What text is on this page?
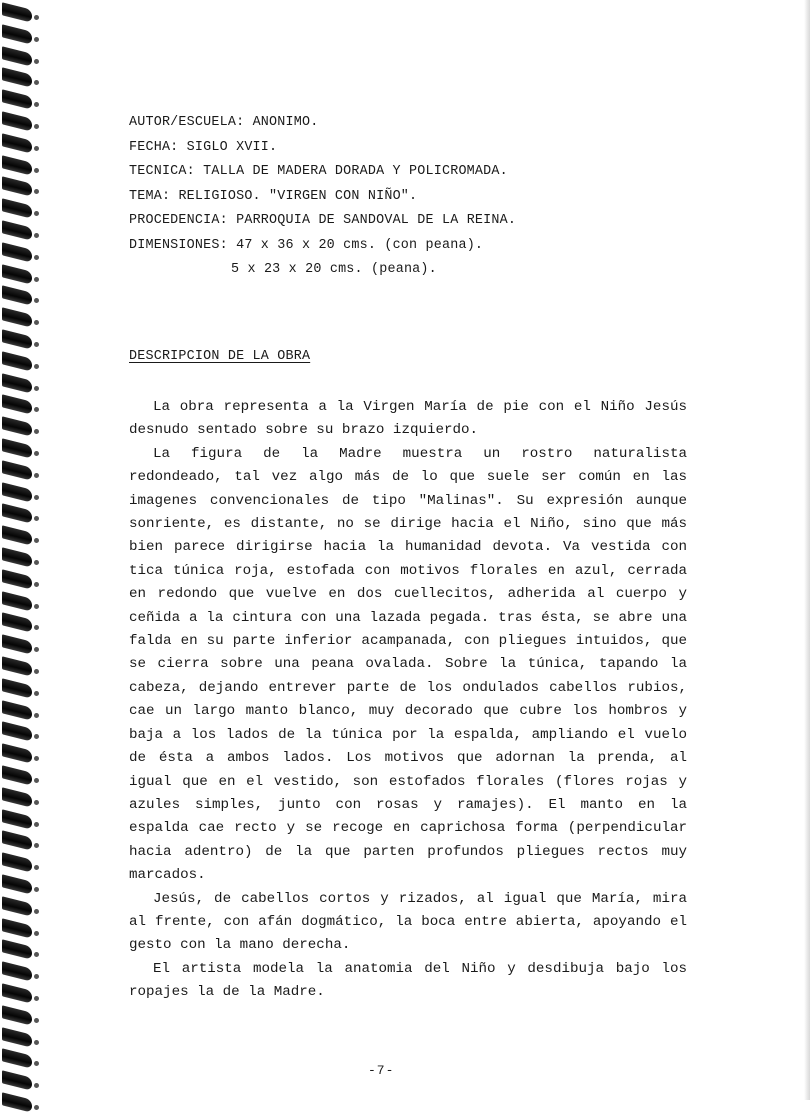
AUTOR/ESCUELA: ANONIMO.
FECHA: SIGLO XVII.
TECNICA: TALLA DE MADERA DORADA Y POLICROMADA.
TEMA: RELIGIOSO. "VIRGEN CON NIÑO".
PROCEDENCIA: PARROQUIA DE SANDOVAL DE LA REINA.
DIMENSIONES: 47 x 36 x 20 cms. (con peana).
5 x 23 x 20 cms. (peana).
DESCRIPCION DE LA OBRA

La obra representa a la Virgen María de pie con el Niño Jesús desnudo sentado sobre su brazo izquierdo.

La figura de la Madre muestra un rostro naturalista redondeado, tal vez algo más de lo que suele ser común en las imagenes convencionales de tipo "Malinas". Su expresión aunque sonriente, es distante, no se dirige hacia el Niño, sino que más bien parece dirigirse hacia la humanidad devota. Va vestida con tica túnica roja, estofada con motivos florales en azul, cerrada en redondo que vuelve en dos cuellecitos, adherida al cuerpo y ceñida a la cintura con una lazada pegada. tras ésta, se abre una falda en su parte inferior acampanada, con pliegues intuidos, que se cierra sobre una peana ovalada. Sobre la túnica, tapando la cabeza, dejando entrever parte de los ondulados cabellos rubios, cae un largo manto blanco, muy decorado que cubre los hombros y baja a los lados de la túnica por la espalda, ampliando el vuelo de ésta a ambos lados. Los motivos que adornan la prenda, al igual que en el vestido, son estofados florales (flores rojas y azules simples, junto con rosas y ramajes). El manto en la espalda cae recto y se recoge en caprichosa forma (perpendicular hacia adentro) de la que parten profundos pliegues rectos muy marcados.

Jesús, de cabellos cortos y rizados, al igual que María, mira al frente, con afán dogmático, la boca entre abierta, apoyando el gesto con la mano derecha.

El artista modela la anatomia del Niño y desdibuja bajo los ropajes la de la Madre.

-7-
